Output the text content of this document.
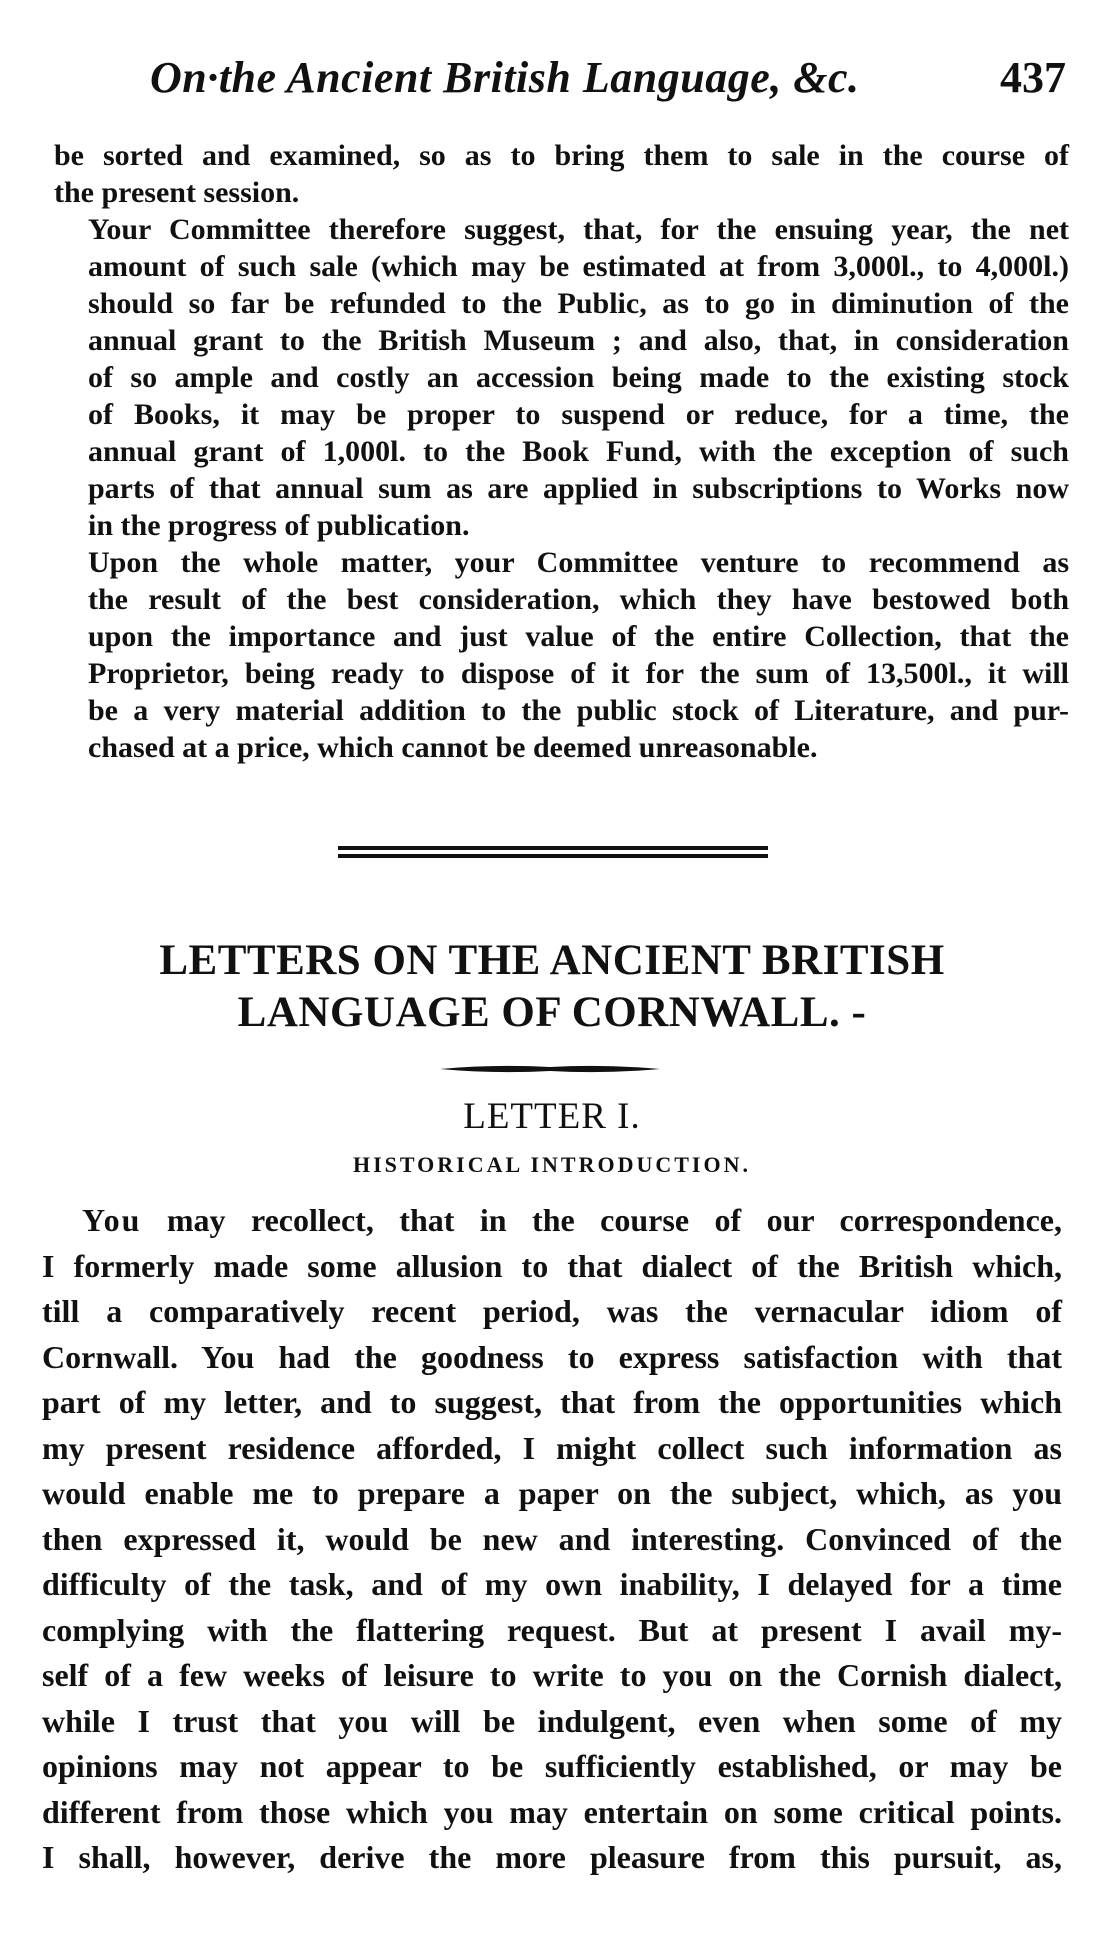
On·the Ancient British Language, &c.	437

be sorted and examined, so as to bring them to sale in the course of
the present session.

Your Committee therefore suggest, that, for the ensuing year, the net
amount of such sale (which may be estimated at from 3,000l., to 4,000l.)
should so far be refunded to the Public, as to go in diminution of the
annual grant to the British Museum ; and also, that, in consideration
of so ample and costly an accession being made to the existing stock
of Books, it may be proper to suspend or reduce, for a time, the
annual grant of 1,000l. to the Book Fund, with the exception of such
parts of that annual sum as are applied in subscriptions to Works now
in the progress of publication.

Upon the whole matter, your Committee venture to recommend as
the result of the best consideration, which they have bestowed both
upon the importance and just value of the entire Collection, that the
Proprietor, being ready to dispose of it for the sum of 13,500l., it will
be a very material addition to the public stock of Literature, and pur-
chased at a price, which cannot be deemed unreasonable.

LETTERS ON THE ANCIENT BRITISH
LANGUAGE OF CORNWALL. -
LETTER I.
HISTORICAL INTRODUCTION.
You may recollect, that in the course of our correspondence,
I formerly made some allusion to that dialect of the British which,
till a comparatively recent period, was the vernacular idiom of
Cornwall. You had the goodness to express satisfaction with that
part of my letter, and to suggest, that from the opportunities which
my present residence afforded, I might collect such information as
would enable me to prepare a paper on the subject, which, as you
then expressed it, would be new and interesting. Convinced of the
difficulty of the task, and of my own inability, I delayed for a time
complying with the flattering request. But at present I avail my-
self of a few weeks of leisure to write to you on the Cornish dialect,
while I trust that you will be indulgent, even when some of my
opinions may not appear to be sufficiently established, or may be
different from those which you may entertain on some critical points.
I shall, however, derive the more pleasure from this pursuit, as,
